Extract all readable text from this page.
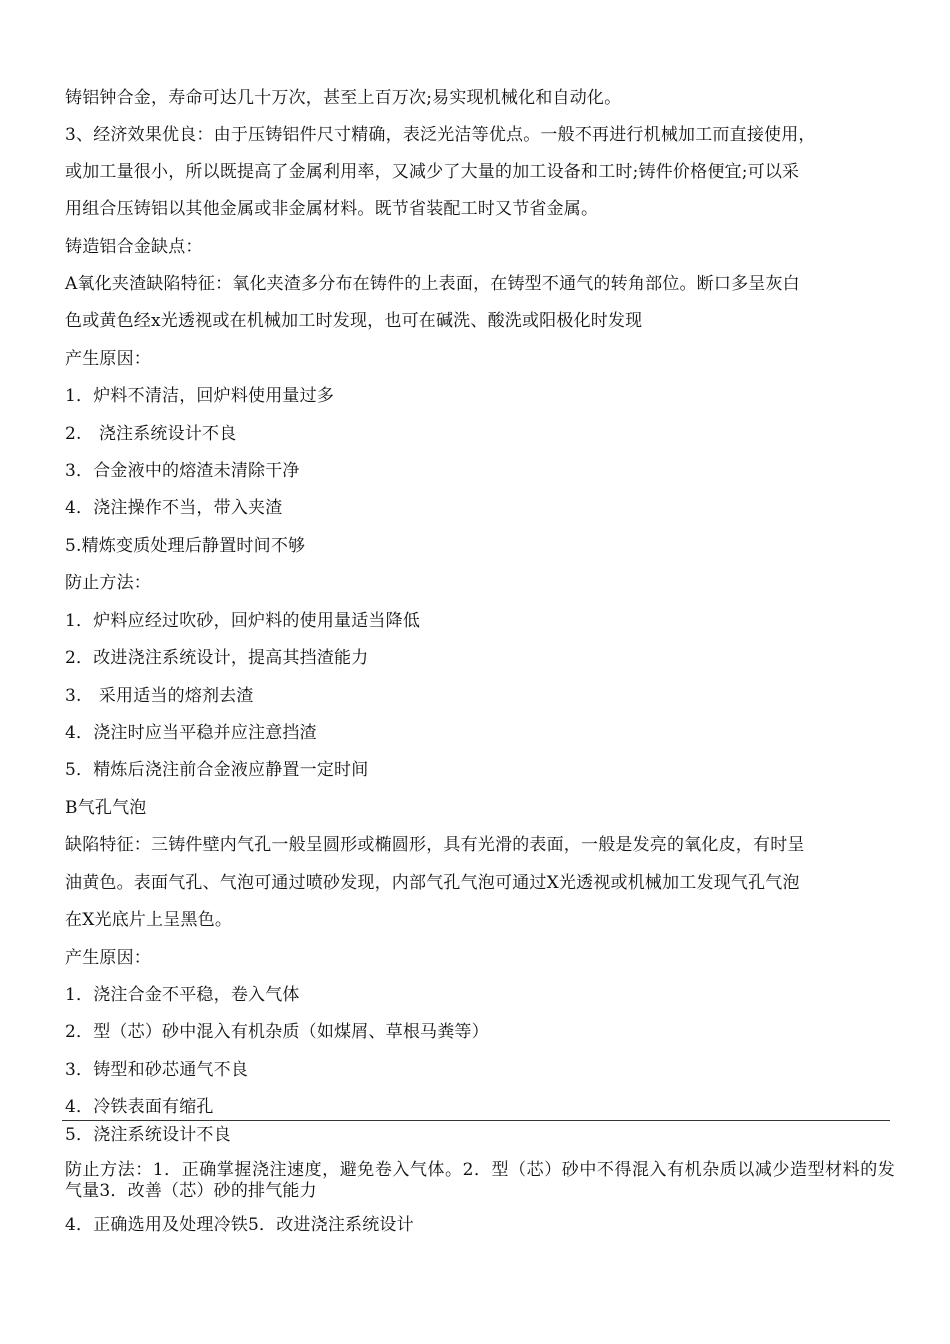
铸铝钟合金，寿命可达几十万次，甚至上百万次;易实现机械化和自动化。
3、经济效果优良：由于压铸铝件尺寸精确，表泛光洁等优点。一般不再进行机械加工而直接使用，
或加工量很小，所以既提高了金属利用率，又减少了大量的加工设备和工时;铸件价格便宜;可以采
用组合压铸铝以其他金属或非金属材料。既节省装配工时又节省金属。
铸造铝合金缺点：
A氧化夹渣缺陷特征：氧化夹渣多分布在铸件的上表面，在铸型不通气的转角部位。断口多呈灰白
色或黄色经x光透视或在机械加工时发现，也可在碱洗、酸洗或阳极化时发现
产生原因：
1．炉料不清洁，回炉料使用量过多
2.　浇注系统设计不良
3．合金液中的熔渣未清除干净
4．浇注操作不当，带入夹渣
5.精炼变质处理后静置时间不够
防止方法：
1．炉料应经过吹砂，回炉料的使用量适当降低
2．改进浇注系统设计，提高其挡渣能力
3.　采用适当的熔剂去渣
4．浇注时应当平稳并应注意挡渣
5．精炼后浇注前合金液应静置一定时间
B气孔气泡
缺陷特征：三铸件壁内气孔一般呈圆形或椭圆形，具有光滑的表面，一般是发亮的氧化皮，有时呈
油黄色。表面气孔、气泡可通过喷砂发现，内部气孔气泡可通过X光透视或机械加工发现气孔气泡
在X光底片上呈黑色。
产生原因：
1．浇注合金不平稳，卷入气体
2．型（芯）砂中混入有机杂质（如煤屑、草根马粪等）
3．铸型和砂芯通气不良
4．冷铁表面有缩孔
5．浇注系统设计不良
防止方法：1．正确掌握浇注速度，避免卷入气体。2．型（芯）砂中不得混入有机杂质以减少造型材料的发气量3．改善（芯）砂的排气能力
4．正确选用及处理冷铁5．改进浇注系统设计
